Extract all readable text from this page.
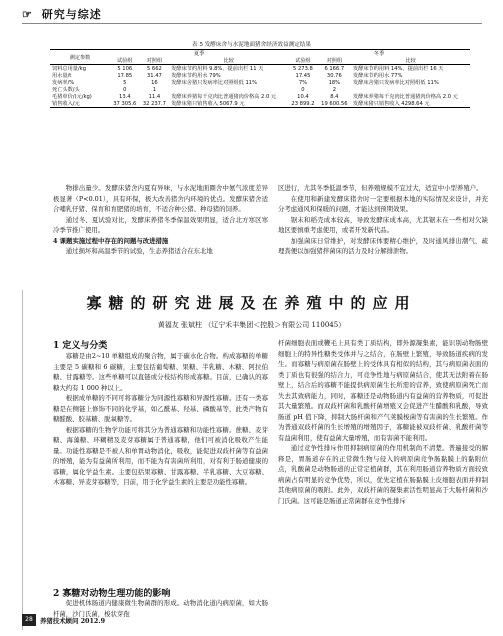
☞ 研究与综述
表 5 发酵床舍与水泥地面猪舍经济效益测定结果
测定参数	夏季			冬季		
	试验组	对照组	比较	试验组	对照组	比较
饲料总用量/kg	5 106	5 662	发酵床节约用料 9.8%，提前出栏 11 天	5 273.8	6 166.7	发酵床节约用料 14%，提前出栏 16 天
用水量/t	17.85	31.47	发酵床节约用水 79%	17.45	30.76	发酵床节约用水 77%
发病率/%	5	16	发酵床舍猪只发病率比对照组低 11%	7%	18%	发酵床舍猪只发病率比对照组低 11%
死亡头数/头	0	1		0	2	
毛猪单价/(元/kg)	13.4	11.4	发酵床养猪每千克肉比普通猪肉价格高 2.0 元	10.4	8.4	发酵床养猪每千克肉比普通猪肉价格高 2.0 元
销售收入/元	37 305.6	32 237.7	发酵床猪只销售收入 5067.9 元	23 899.2	19 600.56	发酵床猪只销售收入 4298.64 元

物排出量少。发酵床猪舍内夏有异味，与水泥地面圈舍中氨气浓度差异极显著（P<0.01），具有环保，极大改善猪舍内环境的优点。发酵床猪舍适合哺乳仔猪、保育和育肥猪的培育，不适合种公猪、种母猪的饲养。

通过冬、夏试验对比，发酵床养猪冬季保温效果明显，适合北方寒区寒冷季节推广使用。

4 课题实施过程中存在的问题与改进措施

通过损坏和高温季节的试验，生态养猪适合在东北地

区进行，尤其冬季低温季节，但养殖规模不宜过大，适宜中小型养殖户。

在使用和新建发酵床猪舍时一定要根据本地的实际情况来设计，并充分考虑通风和保暖的问题，才能达到预期效果。

锯末和稻壳成本较高，导致发酵床成本高，尤其锯末在一些相对欠缺地区要慎重考虑使用，或者开发新代品。

加强菌床日常维护，对发酵床体要精心维护，及时通风排出潮气，疏理粪便以加强猪拌菌床的活力及时分解排泄物。

寡糖的研究进展及在养殖中的应用
黄福友 张斌柱 （辽宁禾丰集团＜控股＞有限公司 110045）
1 定义与分类

寡糖是由2~10 单糖组成的聚合物，属于碳水化合物。构成寡糖的单糖主要是 5 碳糖和 6 碳糖，主要包括葡萄糖、果糖、半乳糖、木糖、阿拉伯糖、甘露糖等。这些单糖可以直链或分枝结构形成寡糖。目前，已确认的寡糖大约有 1 000 种以上。

根据成单糖的不同可将寡糖分为同源性寡糖和异源性寡糖。还有一类寡糖是在侧链上修饰不同的化学基，如乙酰基、羟基、磷酸基等，此类产物有糖醛酸、胶基糖、脱氧糖等。

根据寡糖的生物学功能可将其分为普通寡糖和功能性寡糖。蔗糖、麦芽糖、海藻糖、环糊精及麦芽寡糖属于普通寡糖，他们可被消化吸收产生能量。功能性寡糖是不被人和单胃动物消化，吸收，能促进双歧杆菌等有益菌的增殖，能为有益菌所利用，而不能为有害菌所利用，对有利于肠道健康的寡糖，属化学益生素。主要包括果寡糖、甘露寡糖、半乳寡糖、大豆寡糖、木寡糖、异麦芽寡糖等，目前，用于化学益生素的主要是功能性寡糖。

2 寡糖对动物生理功能的影响

促进机体肠道内健康微生物菌群的形成。动物消化道内病原菌，如大肠杆菌，沙门氏菌，梭状芽孢

杆菌细胞表面或鞭毛上具有类丁质结构，即外源凝集素，能识别动物肠壁细胞上的特异性糖类受体并与之结合，在肠壁上繁殖，导致肠道疾病的发生。而寡糖与病原菌在肠壁上的受体具有相似的结构，其与病原菌表面的类丁质也有很强的结合力，可竞争性地与病原菌结合，使其无法附着在肠壁上，结合后的寡糖不能提供病原菌生长所需的营养，致使病原菌死亡而失去其致病能力，同时，寡糖还是动物肠道内有益菌的营养物质，可促进其大量繁殖。而双歧杆菌和乳酸杆菌增殖又会促进产生醋酸和乳酸，导致肠道 pH 值下降，抑制大肠杆菌和产气荚膜梭菌等有害菌的生长繁殖。作为普通双歧杆菌的生长增殖的增殖因子，寡糖能被双歧杆菌、乳酸杆菌等有益菌利用，使有益菌大量增殖，而有害菌不能利用。

通过竞争性排斥作用抑制病原菌的作用机制尚不清楚。普遍接受的解释是，胃肠道存在的正常微生物与侵入的病原菌竞争肠黏膜上的黏附位点，乳酸菌是动物肠道的正常定植菌群，其在利用肠道营养物质方面较致病菌占有明显的竞争优势，所以，优先定植在肠黏膜上皮细胞表面并抑制其他病原菌的吸附。此外，双歧杆菌的凝集素活性明显高于大肠杆菌和沙门氏菌。这可能是肠道正常菌群在竞争性排斥

28	养猪技术顾问 2012.9
